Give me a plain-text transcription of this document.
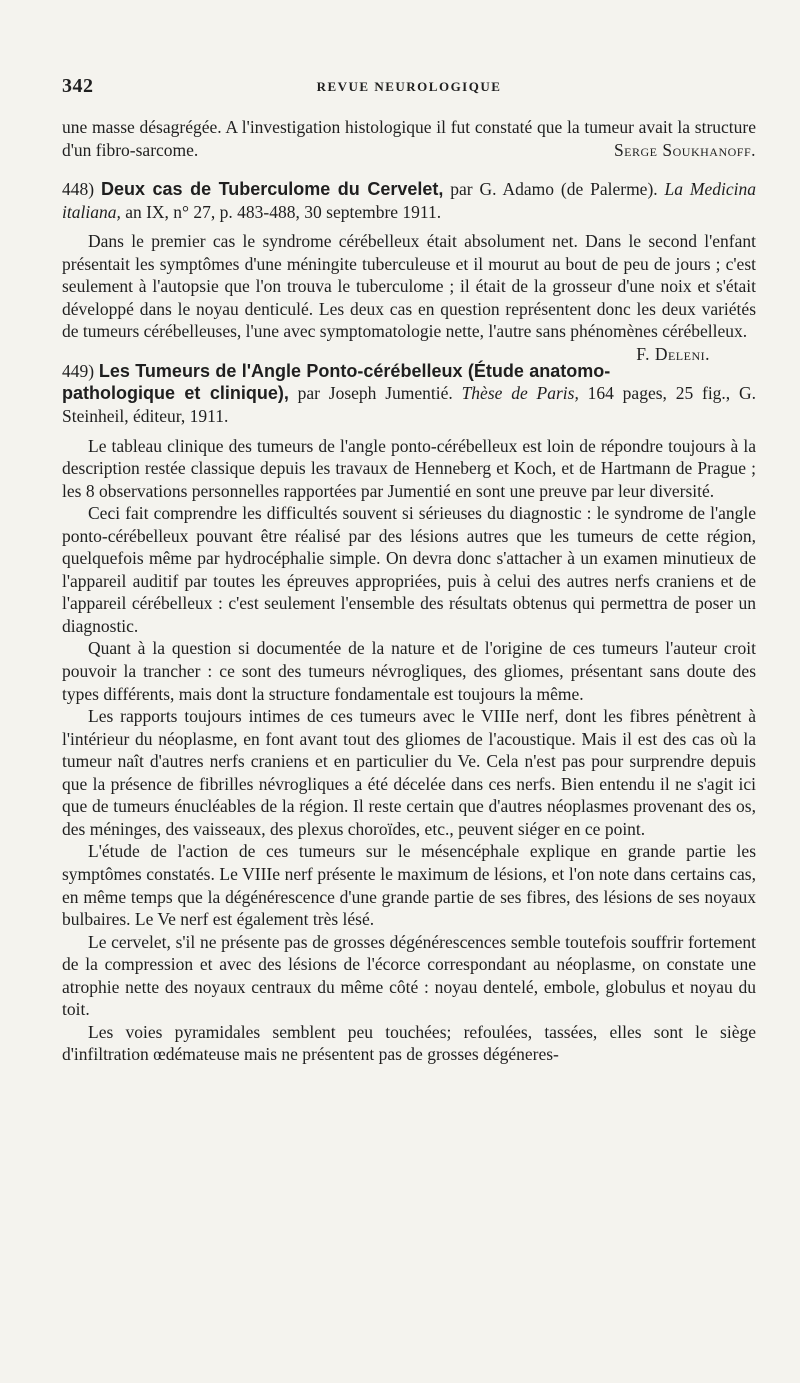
342	REVUE NEUROLOGIQUE

une masse désagrégée. A l'investigation histologique il fut constaté que la tumeur avait la structure d'un fibro-sarcome.	Serge Soukhanoff.

448) Deux cas de Tuberculome du Cervelet, par G. Adamo (de Palerme). La Medicina italiana, an IX, n° 27, p. 483-488, 30 septembre 1911.

Dans le premier cas le syndrome cérébelleux était absolument net. Dans le second l'enfant présentait les symptômes d'une méningite tuberculeuse et il mourut au bout de peu de jours ; c'est seulement à l'autopsie que l'on trouva le tuberculome ; il était de la grosseur d'une noix et s'était développé dans le noyau denticulé. Les deux cas en question représentent donc les deux variétés de tumeurs cérébelleuses, l'une avec symptomatologie nette, l'autre sans phénomènes cérébelleux.
F. Deleni.

449) Les Tumeurs de l'Angle Ponto-cérébelleux (Étude anatomo-pathologique et clinique), par Joseph Jumentié. Thèse de Paris, 164 pages, 25 fig., G. Steinheil, éditeur, 1911.

Le tableau clinique des tumeurs de l'angle ponto-cérébelleux est loin de répondre toujours à la description restée classique depuis les travaux de Henneberg et Koch, et de Hartmann de Prague ; les 8 observations personnelles rapportées par Jumentié en sont une preuve par leur diversité.

Ceci fait comprendre les difficultés souvent si sérieuses du diagnostic : le syndrome de l'angle ponto-cérébelleux pouvant être réalisé par des lésions autres que les tumeurs de cette région, quelquefois même par hydrocéphalie simple. On devra donc s'attacher à un examen minutieux de l'appareil auditif par toutes les épreuves appropriées, puis à celui des autres nerfs craniens et de l'appareil cérébelleux : c'est seulement l'ensemble des résultats obtenus qui permettra de poser un diagnostic.

Quant à la question si documentée de la nature et de l'origine de ces tumeurs l'auteur croit pouvoir la trancher : ce sont des tumeurs névrogliques, des gliomes, présentant sans doute des types différents, mais dont la structure fondamentale est toujours la même.

Les rapports toujours intimes de ces tumeurs avec le VIIIe nerf, dont les fibres pénètrent à l'intérieur du néoplasme, en font avant tout des gliomes de l'acoustique. Mais il est des cas où la tumeur naît d'autres nerfs craniens et en particulier du Ve. Cela n'est pas pour surprendre depuis que la présence de fibrilles névrogliques a été décelée dans ces nerfs. Bien entendu il ne s'agit ici que de tumeurs énucléables de la région. Il reste certain que d'autres néoplasmes provenant des os, des méninges, des vaisseaux, des plexus choroïdes, etc., peuvent siéger en ce point.

L'étude de l'action de ces tumeurs sur le mésencéphale explique en grande partie les symptômes constatés. Le VIIIe nerf présente le maximum de lésions, et l'on note dans certains cas, en même temps que la dégénérescence d'une grande partie de ses fibres, des lésions de ses noyaux bulbaires. Le Ve nerf est également très lésé.

Le cervelet, s'il ne présente pas de grosses dégénérescences semble toutefois souffrir fortement de la compression et avec des lésions de l'écorce correspondant au néoplasme, on constate une atrophie nette des noyaux centraux du même côté : noyau dentelé, embole, globulus et noyau du toit.

Les voies pyramidales semblent peu touchées; refoulées, tassées, elles sont le siège d'infiltration œdémateuse mais ne présentent pas de grosses dégéneres-
